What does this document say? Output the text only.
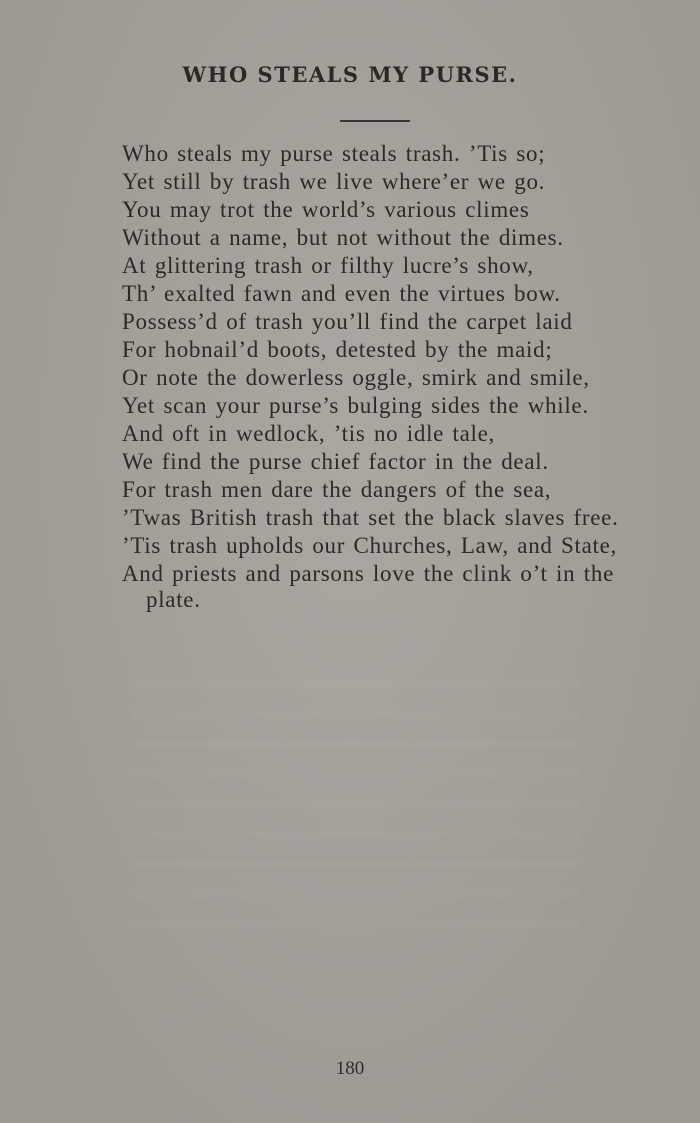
WHO STEALS MY PURSE.
Who steals my purse steals trash. ’Tis so;
Yet still by trash we live where’er we go.
You may trot the world’s various climes
Without a name, but not without the dimes.
At glittering trash or filthy lucre’s show,
Th’ exalted fawn and even the virtues bow.
Possess’d of trash you’ll find the carpet laid
For hobnail’d boots, detested by the maid;
Or note the dowerless oggle, smirk and smile,
Yet scan your purse’s bulging sides the while.
And oft in wedlock, ’tis no idle tale,
We find the purse chief factor in the deal.
For trash men dare the dangers of the sea,
’Twas British trash that set the black slaves free.
’Tis trash upholds our Churches, Law, and State,
And priests and parsons love the clink o’t in the
plate.
180
